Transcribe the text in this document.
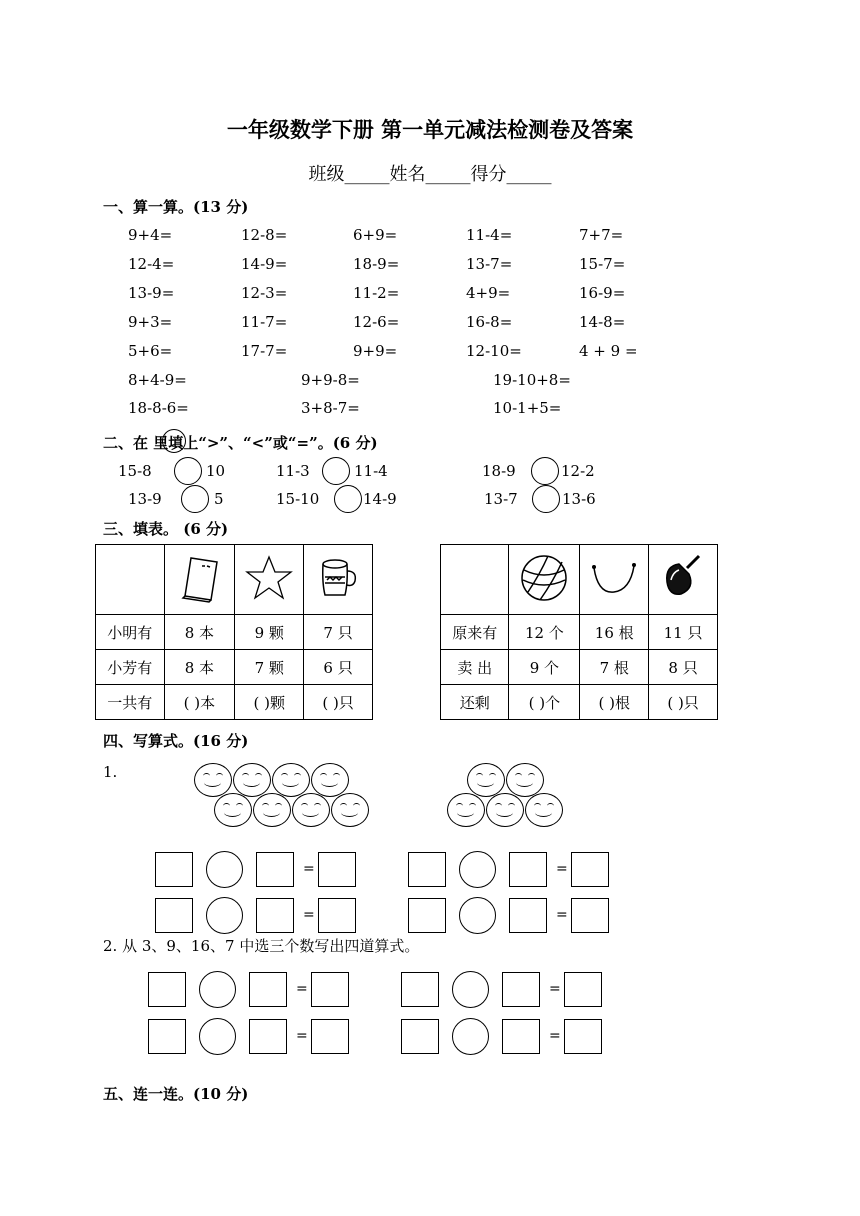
一年级数学下册 第一单元减法检测卷及答案
班级_____姓名_____得分_____
一、算一算。(13 分)
9+4=	12-8=	6+9=	11-4=	7+7=
12-4=	14-9=	18-9=	13-7=	15-7=
13-9=	12-3=	11-2=	4+9=	16-9=
9+3=	11-7=	12-6=	16-8=	14-8=
5+6=	17-7=	9+9=	12-10=	4 + 9 =
8+4-9=	9+9-8=	19-10+8=
18-8-6=	3+8-7=	10-1+5=
二、在 里填上“>”、“<”或“=”。(6 分)
15-8	10	11-3	11-4	18-9	12-2
13-9	5	15-10	14-9	13-7	13-6
三、填表。 (6 分)

小明有	8 本	9 颗	7 只
小芳有	8 本	7 颗	6 只
一共有	( )本	( )颗	( )只

原来有	12 个	16 根	11 只
卖 出	9 个	7 根	8 只
还剩	( )个	( )根	( )只
四、写算式。(16 分)
1.
=	=
=	=
2. 从 3、9、16、7 中选三个数写出四道算式。
=	=
=	=
五、连一连。(10 分)
